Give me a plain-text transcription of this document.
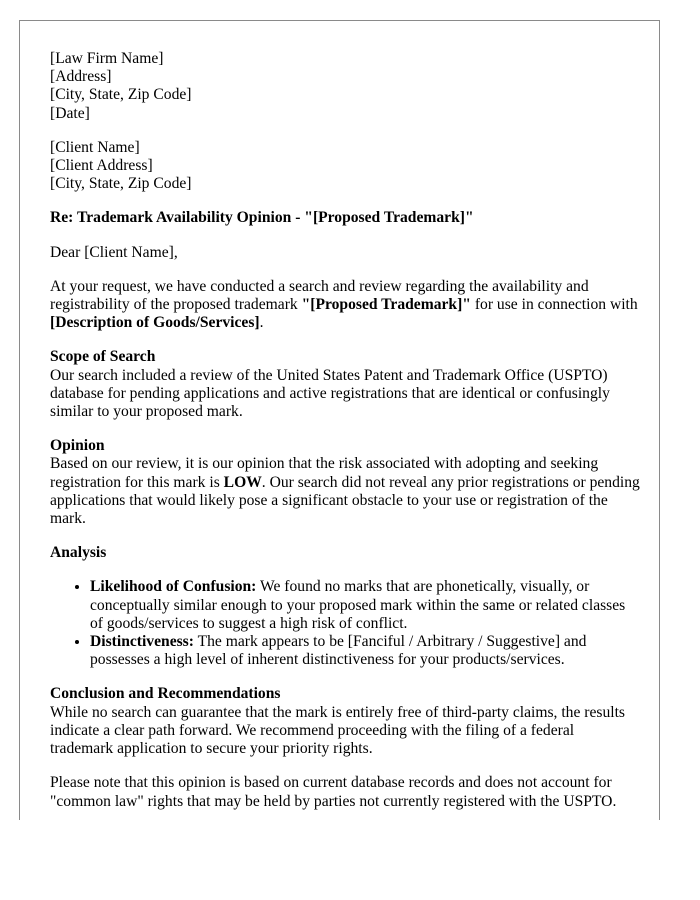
[Law Firm Name]
[Address]
[City, State, Zip Code]
[Date]
[Client Name]
[Client Address]
[City, State, Zip Code]

Re: Trademark Availability Opinion - "[Proposed Trademark]"

Dear [Client Name],

At your request, we have conducted a search and review regarding the availability and registrability of the proposed trademark "[Proposed Trademark]" for use in connection with [Description of Goods/Services].

Scope of Search
Our search included a review of the United States Patent and Trademark Office (USPTO) database for pending applications and active registrations that are identical or confusingly similar to your proposed mark.
Opinion
Based on our review, it is our opinion that the risk associated with adopting and seeking registration for this mark is LOW. Our search did not reveal any prior registrations or pending applications that would likely pose a significant obstacle to your use or registration of the mark.
Analysis
• Likelihood of Confusion: We found no marks that are phonetically, visually, or conceptually similar enough to your proposed mark within the same or related classes of goods/services to suggest a high risk of conflict.
• Distinctiveness: The mark appears to be [Fanciful / Arbitrary / Suggestive] and possesses a high level of inherent distinctiveness for your products/services.
Conclusion and Recommendations
While no search can guarantee that the mark is entirely free of third-party claims, the results indicate a clear path forward. We recommend proceeding with the filing of a federal trademark application to secure your priority rights.

Please note that this opinion is based on current database records and does not account for "common law" rights that may be held by parties not currently registered with the USPTO.
